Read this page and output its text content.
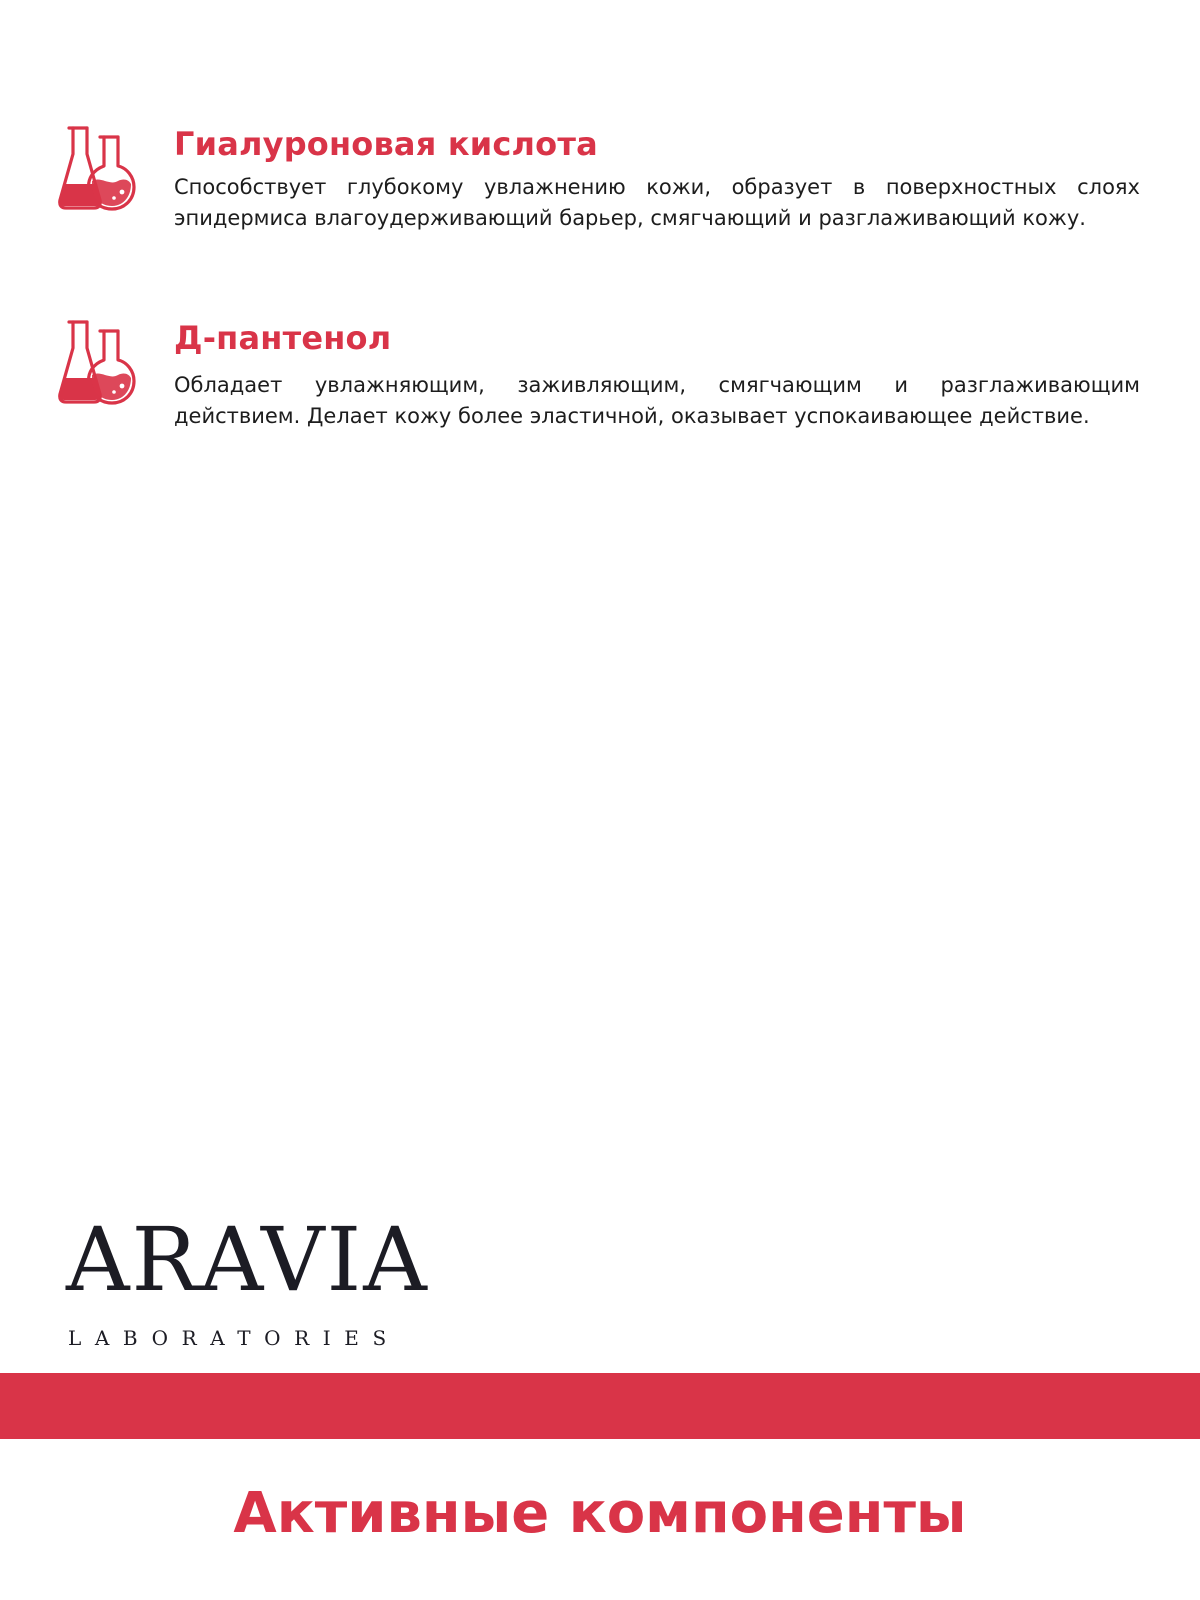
Гиалуроновая кислота

Способствует глубокому увлажнению кожи, образует в поверхностных слоях эпидермиса влагоудерживающий барьер, смягчающий и разглаживающий кожу.

Д-пантенол

Обладает увлажняющим, заживляющим, смягчающим и разглаживающим действием. Делает кожу более эластичной, оказывает успокаивающее действие.

ARAVIA
LABORATORIES
Активные компоненты
